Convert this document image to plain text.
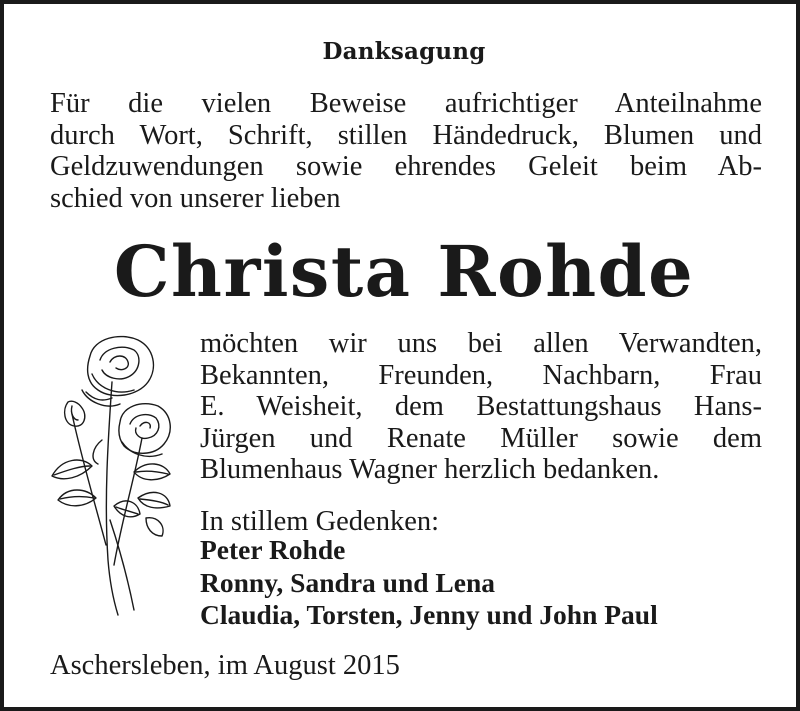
Danksagung
Für die vielen Beweise aufrichtiger Anteilnahme
durch Wort, Schrift, stillen Händedruck, Blumen und
Geldzuwendungen sowie ehrendes Geleit beim Ab-
schied von unserer lieben
Christa Rohde
möchten wir uns bei allen Verwandten,
Bekannten, Freunden, Nachbarn, Frau
E. Weisheit, dem Bestattungshaus Hans-
Jürgen und Renate Müller sowie dem
Blumenhaus Wagner herzlich bedanken.
In stillem Gedenken:
Peter Rohde
Ronny, Sandra und Lena
Claudia, Torsten, Jenny und John Paul
Aschersleben, im August 2015
